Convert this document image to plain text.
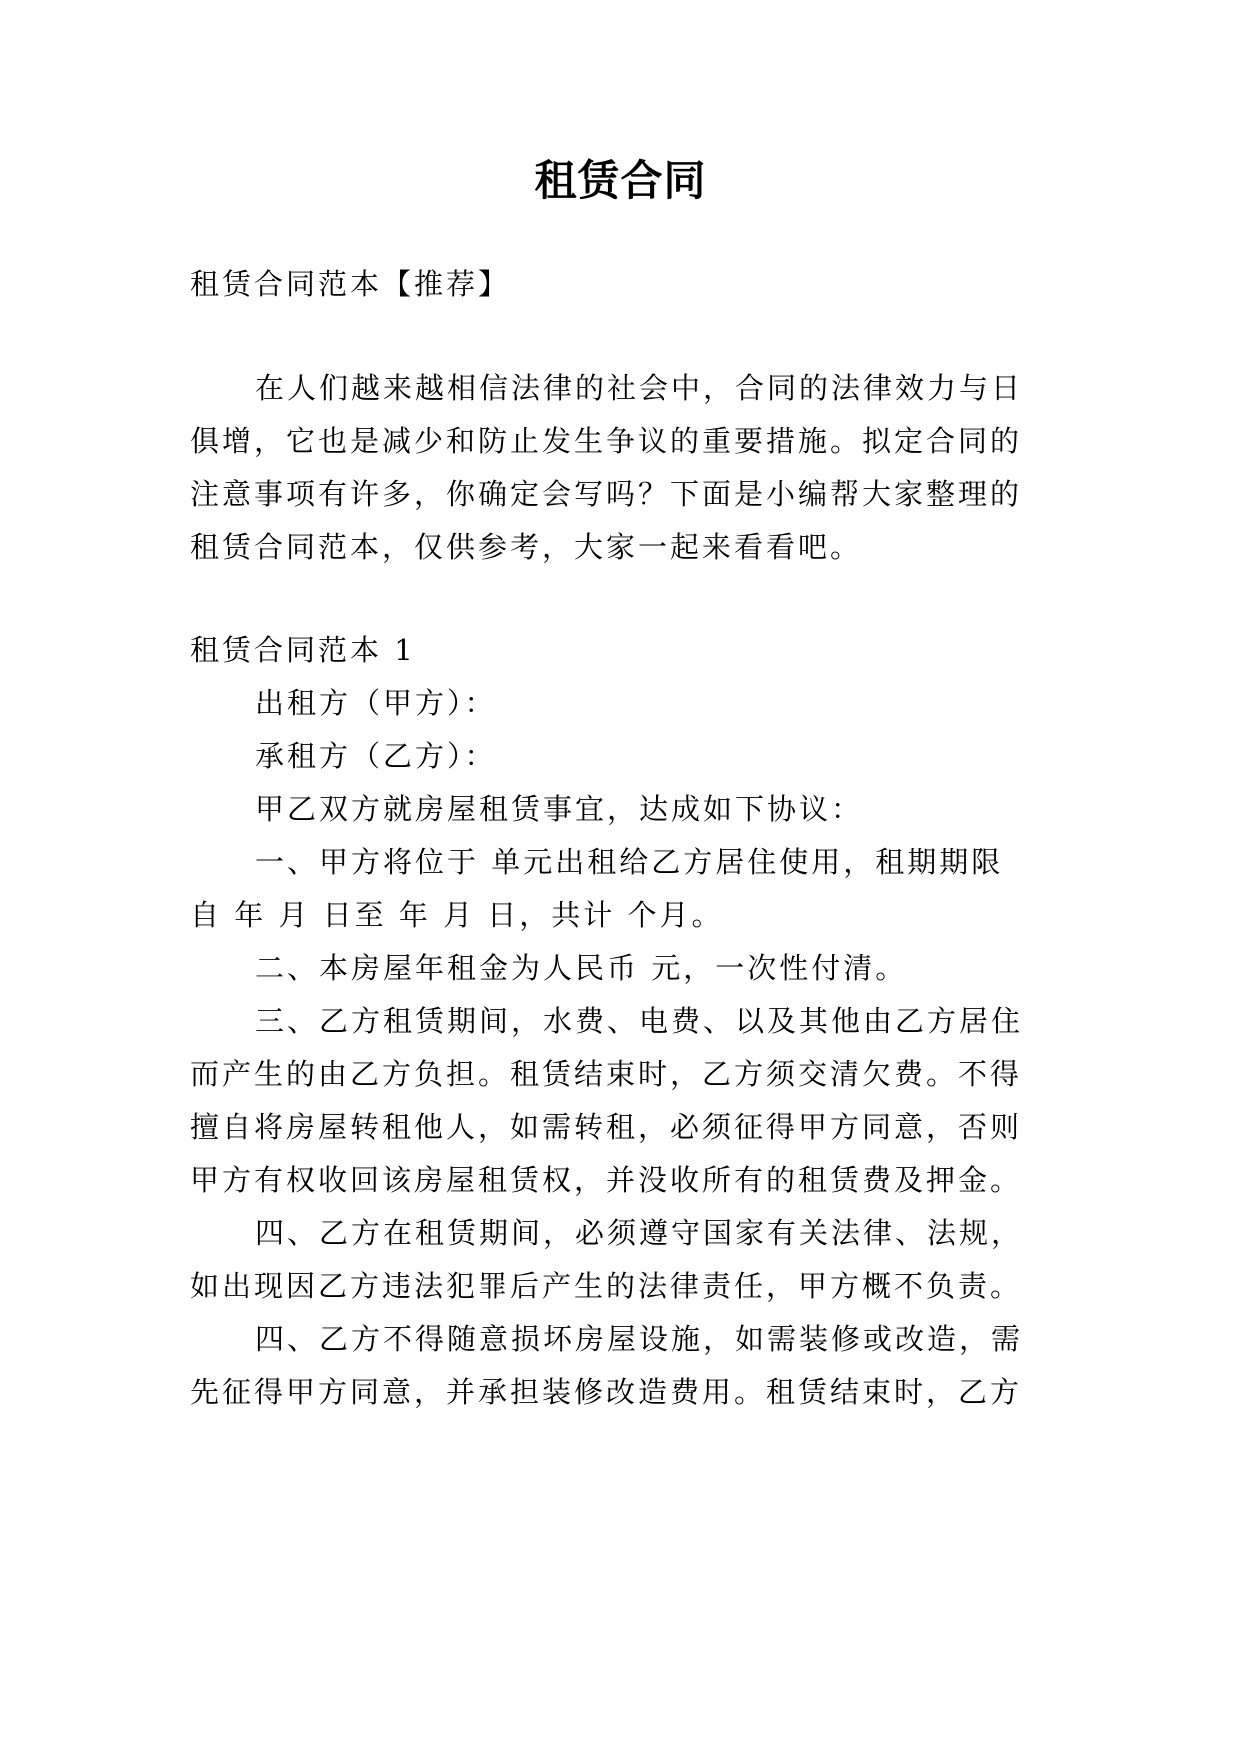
租赁合同
租赁合同范本【推荐】
在人们越来越相信法律的社会中，合同的法律效力与日
俱增，它也是减少和防止发生争议的重要措施。拟定合同的
注意事项有许多，你确定会写吗？下面是小编帮大家整理的
租赁合同范本，仅供参考，大家一起来看看吧。
租赁合同范本 1
出租方（甲方）：
承租方（乙方）：
甲乙双方就房屋租赁事宜，达成如下协议：
一、甲方将位于 单元出租给乙方居住使用，租期期限
自 年 月 日至 年 月 日，共计 个月。
二、本房屋年租金为人民币 元，一次性付清。
三、乙方租赁期间，水费、电费、以及其他由乙方居住
而产生的由乙方负担。租赁结束时，乙方须交清欠费。不得
擅自将房屋转租他人，如需转租，必须征得甲方同意，否则
甲方有权收回该房屋租赁权，并没收所有的租赁费及押金。
四、乙方在租赁期间，必须遵守国家有关法律、法规，
如出现因乙方违法犯罪后产生的法律责任，甲方概不负责。
四、乙方不得随意损坏房屋设施，如需装修或改造，需
先征得甲方同意，并承担装修改造费用。租赁结束时，乙方
